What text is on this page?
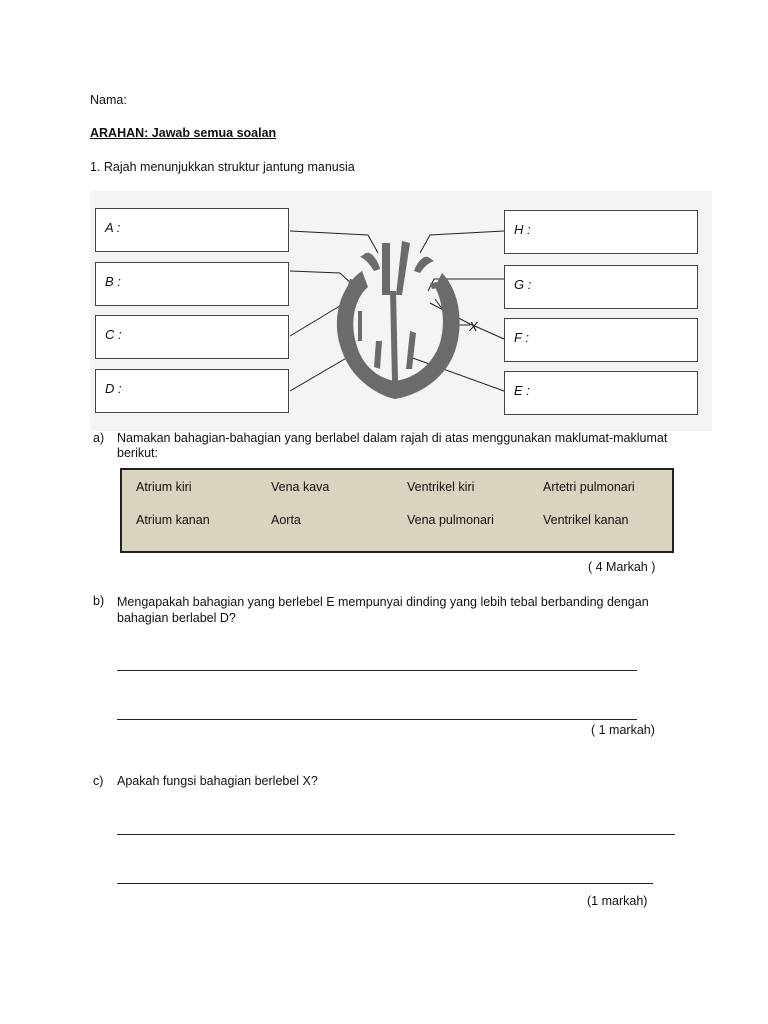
Nama:
ARAHAN: Jawab semua soalan
1. Rajah menunjukkan struktur jantung manusia
A :
B :
C :
D :
H :
G :
F :
E :
X
a) Namakan bahagian-bahagian yang berlabel dalam rajah di atas menggunakan maklumat-maklumat berikut:
Atrium kiri	Vena kava	Ventrikel kiri	Artetri pulmonari
Atrium kanan	Aorta	Vena pulmonari	Ventrikel kanan
( 4 Markah )
b) Mengapakah bahagian yang berlebel E mempunyai dinding yang lebih tebal berbanding dengan bahagian berlabel D?
( 1 markah)
c) Apakah fungsi bahagian berlebel X?
(1 markah)
